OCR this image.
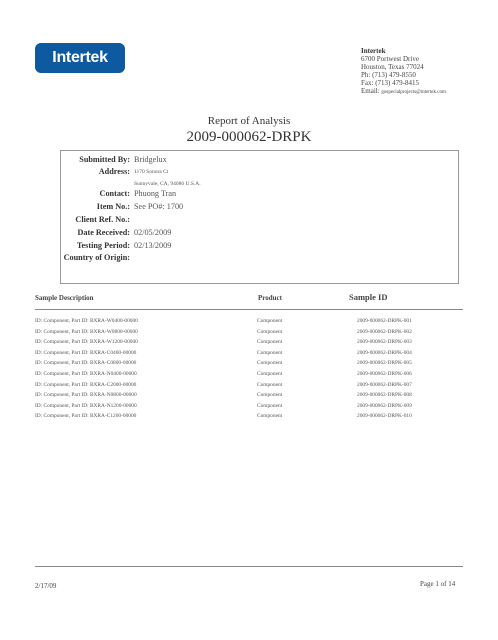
Intertek	Intertek
6700 Portwest Drive
Houston, Texas 77024
Ph: (713) 479-8550
Fax: (713) 479-8415
Email: gospecialprojects@intertek.com
Report of Analysis
2009-000062-DRPK
Submitted By: Bridgelux
Address: 1170 Sonora Ct
Sunnyvale, CA, 94086 U.S.A.
Contact: Phuong Tran
Item No.: See PO#: 1700
Client Ref. No.:
Date Received: 02/05/2009
Testing Period: 02/13/2009
Country of Origin:
Sample Description	Product	Sample ID
ID: Component, Part ID: BXRA-W0400-00000	Component	2009-000062-DRPK-001
ID: Component, Part ID: BXRA-W0800-00000	Component	2009-000062-DRPK-002
ID: Component, Part ID: BXRA-W1200-00000	Component	2009-000062-DRPK-003
ID: Component, Part ID: BXRA-C0400-00000	Component	2009-000062-DRPK-004
ID: Component, Part ID: BXRA-C0800-00000	Component	2009-000062-DRPK-005
ID: Component, Part ID: BXRA-N0400-00000	Component	2009-000062-DRPK-006
ID: Component, Part ID: BXRA-C2000-00000	Component	2009-000062-DRPK-007
ID: Component, Part ID: BXRA-N0800-00000	Component	2009-000062-DRPK-008
ID: Component, Part ID: BXRA-N1200-00000	Component	2009-000062-DRPK-009
ID: Component, Part ID: BXRA-C1200-00000	Component	2009-000062-DRPK-010
2/17/09	Page 1 of 14
